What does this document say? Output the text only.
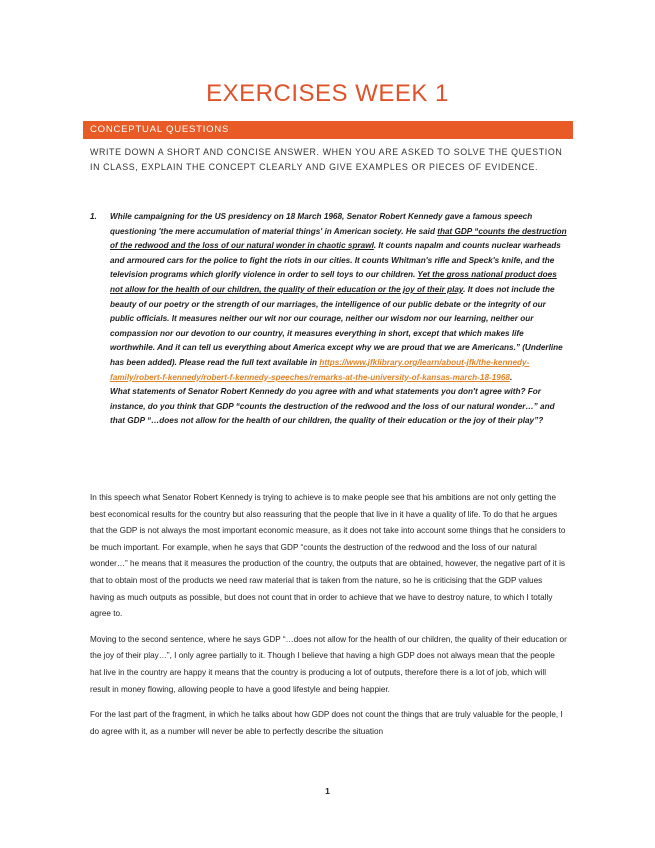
EXERCISES WEEK 1
CONCEPTUAL QUESTIONS
WRITE DOWN A SHORT AND CONCISE ANSWER. WHEN YOU ARE ASKED TO SOLVE THE QUESTION IN CLASS, EXPLAIN THE CONCEPT CLEARLY AND GIVE EXAMPLES OR PIECES OF EVIDENCE.
1. While campaigning for the US presidency on 18 March 1968, Senator Robert Kennedy gave a famous speech questioning 'the mere accumulation of material things' in American society. He said that GDP “counts the destruction of the redwood and the loss of our natural wonder in chaotic sprawl. It counts napalm and counts nuclear warheads and armoured cars for the police to fight the riots in our cities. It counts Whitman's rifle and Speck's knife, and the television programs which glorify violence in order to sell toys to our children. Yet the gross national product does not allow for the health of our children, the quality of their education or the joy of their play. It does not include the beauty of our poetry or the strength of our marriages, the intelligence of our public debate or the integrity of our public officials. It measures neither our wit nor our courage, neither our wisdom nor our learning, neither our compassion nor our devotion to our country, it measures everything in short, except that which makes life worthwhile. And it can tell us everything about America except why we are proud that we are Americans.” (Underline has been added). Please read the full text available in https://www.jfklibrary.org/learn/about-jfk/the-kennedy-family/robert-f-kennedy/robert-f-kennedy-speeches/remarks-at-the-university-of-kansas-march-18-1968.
What statements of Senator Robert Kennedy do you agree with and what statements you don't agree with? For instance, do you think that GDP “counts the destruction of the redwood and the loss of our natural wonder…” and that GDP “…does not allow for the health of our children, the quality of their education or the joy of their play”?

In this speech what Senator Robert Kennedy is trying to achieve is to make people see that his ambitions are not only getting the best economical results for the country but also reassuring that the people that live in it have a quality of life. To do that he argues that the GDP is not always the most important economic measure, as it does not take into account some things that he considers to be much important. For example, when he says that GDP “counts the destruction of the redwood and the loss of our natural wonder…” he means that it measures the production of the country, the outputs that are obtained, however, the negative part of it is that to obtain most of the products we need raw material that is taken from the nature, so he is criticising that the GDP values having as much outputs as possible, but does not count that in order to achieve that we have to destroy nature, to which I totally agree to.

Moving to the second sentence, where he says GDP “…does not allow for the health of our children, the quality of their education or the joy of their play…”, I only agree partially to it. Though I believe that having a high GDP does not always mean that the people hat live in the country are happy it means that the country is producing a lot of outputs, therefore there is a lot of job, which will result in money flowing, allowing people to have a good lifestyle and being happier.

For the last part of the fragment, in which he talks about how GDP does not count the things that are truly valuable for the people, I do agree with it, as a number will never be able to perfectly describe the situation

1
